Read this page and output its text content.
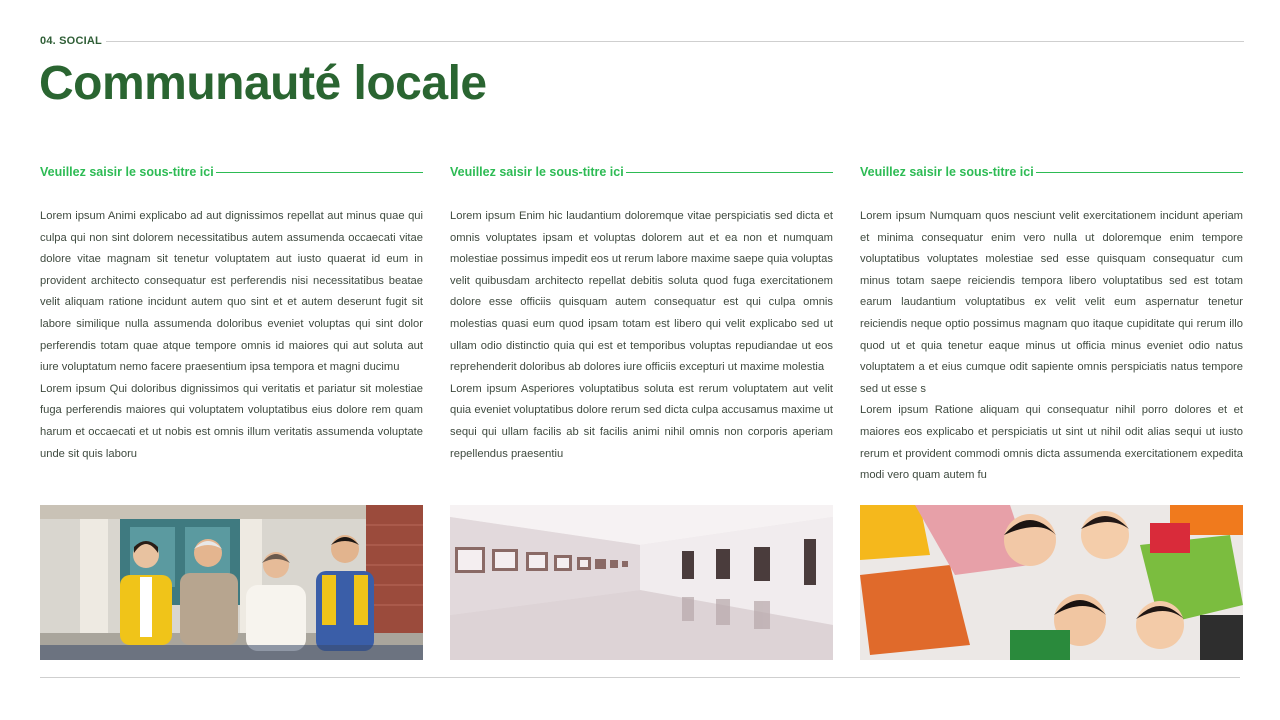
04. SOCIAL
Communauté locale
Veuillez saisir le sous-titre ici

Lorem ipsum Animi explicabo ad aut dignissimos repellat aut minus quae qui culpa qui non sint dolorem necessitatibus autem assumenda occaecati vitae dolore vitae magnam sit tenetur voluptatem aut iusto quaerat id eum in provident architecto consequatur est perferendis nisi necessitatibus beatae velit aliquam ratione incidunt autem quo sint et et autem deserunt fugit sit labore similique nulla assumenda doloribus eveniet voluptas qui sint dolor perferendis totam quae atque tempore omnis id maiores qui aut soluta aut iure voluptatum nemo facere praesentium ipsa tempora et magni ducimu

Lorem ipsum Qui doloribus dignissimos qui veritatis et pariatur sit molestiae fuga perferendis maiores qui voluptatem voluptatibus eius dolore rem quam harum et occaecati et ut nobis est omnis illum veritatis assumenda voluptate unde sit quis laboru

Veuillez saisir le sous-titre ici

Lorem ipsum Enim hic laudantium doloremque vitae perspiciatis sed dicta et omnis voluptates ipsam et voluptas dolorem aut et ea non et numquam molestiae possimus impedit eos ut rerum labore maxime saepe quia voluptas velit quibusdam architecto repellat debitis soluta quod fuga exercitationem dolore esse officiis quisquam autem consequatur est qui culpa omnis molestias quasi eum quod ipsam totam est libero qui velit explicabo sed ut ullam odio distinctio quia qui est et temporibus voluptas repudiandae ut eos reprehenderit doloribus ab dolores iure officiis excepturi ut maxime molestia

Lorem ipsum Asperiores voluptatibus soluta est rerum voluptatem aut velit quia eveniet voluptatibus dolore rerum sed dicta culpa accusamus maxime ut sequi qui ullam facilis ab sit facilis animi nihil omnis non corporis aperiam repellendus praesentiu

Veuillez saisir le sous-titre ici

Lorem ipsum Numquam quos nesciunt velit exercitationem incidunt aperiam et minima consequatur enim vero nulla ut doloremque enim tempore voluptatibus voluptates molestiae sed esse quisquam consequatur cum minus totam saepe reiciendis tempora libero voluptatibus sed est totam earum laudantium voluptatibus ex velit velit eum aspernatur tenetur reiciendis neque optio possimus magnam quo itaque cupiditate qui rerum illo quod ut et quia tenetur eaque minus ut officia minus eveniet odio natus voluptatem a et eius cumque odit sapiente omnis perspiciatis natus tempore sed ut esse s

Lorem ipsum Ratione aliquam qui consequatur nihil porro dolores et et maiores eos explicabo et perspiciatis ut sint ut nihil odit alias sequi ut iusto rerum et provident commodi omnis dicta assumenda exercitationem expedita modi vero quam autem fu
